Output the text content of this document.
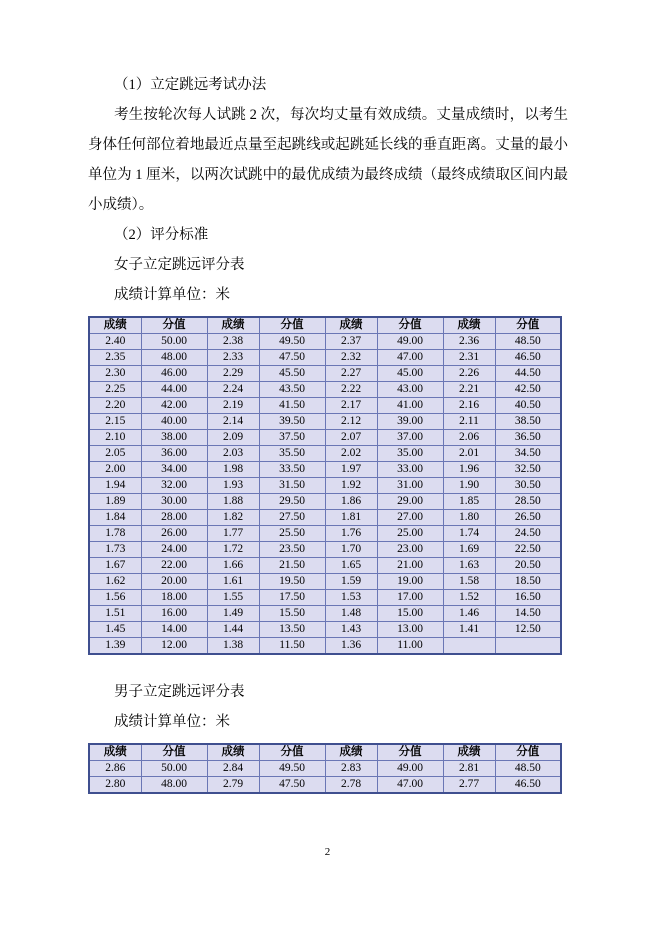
（1）立定跳远考试办法

考生按轮次每人试跳 2 次，每次均丈量有效成绩。丈量成绩时，以考生身体任何部位着地最近点量至起跳线或起跳延长线的垂直距离。丈量的最小单位为 1 厘米，以两次试跳中的最优成绩为最终成绩（最终成绩取区间内最小成绩）。

（2）评分标准

女子立定跳远评分表

成绩计算单位：米

成绩	分值	成绩	分值	成绩	分值	成绩	分值
2.40	50.00	2.38	49.50	2.37	49.00	2.36	48.50
2.35	48.00	2.33	47.50	2.32	47.00	2.31	46.50
2.30	46.00	2.29	45.50	2.27	45.00	2.26	44.50
2.25	44.00	2.24	43.50	2.22	43.00	2.21	42.50
2.20	42.00	2.19	41.50	2.17	41.00	2.16	40.50
2.15	40.00	2.14	39.50	2.12	39.00	2.11	38.50
2.10	38.00	2.09	37.50	2.07	37.00	2.06	36.50
2.05	36.00	2.03	35.50	2.02	35.00	2.01	34.50
2.00	34.00	1.98	33.50	1.97	33.00	1.96	32.50
1.94	32.00	1.93	31.50	1.92	31.00	1.90	30.50
1.89	30.00	1.88	29.50	1.86	29.00	1.85	28.50
1.84	28.00	1.82	27.50	1.81	27.00	1.80	26.50
1.78	26.00	1.77	25.50	1.76	25.00	1.74	24.50
1.73	24.00	1.72	23.50	1.70	23.00	1.69	22.50
1.67	22.00	1.66	21.50	1.65	21.00	1.63	20.50
1.62	20.00	1.61	19.50	1.59	19.00	1.58	18.50
1.56	18.00	1.55	17.50	1.53	17.00	1.52	16.50
1.51	16.00	1.49	15.50	1.48	15.00	1.46	14.50
1.45	14.00	1.44	13.50	1.43	13.00	1.41	12.50
1.39	12.00	1.38	11.50	1.36	11.00		

男子立定跳远评分表

成绩计算单位：米

成绩	分值	成绩	分值	成绩	分值	成绩	分值
2.86	50.00	2.84	49.50	2.83	49.00	2.81	48.50
2.80	48.00	2.79	47.50	2.78	47.00	2.77	46.50
2
